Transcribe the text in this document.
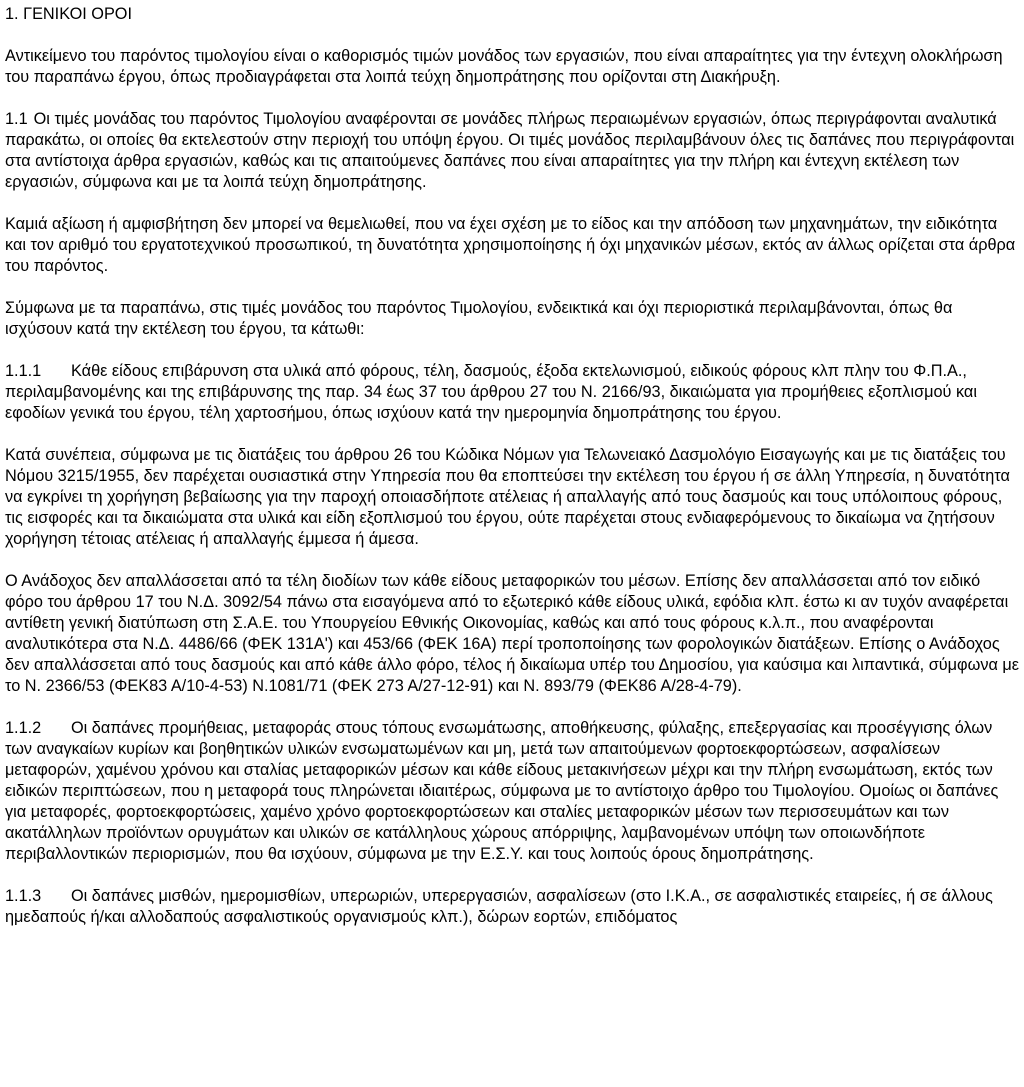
1. ΓΕΝΙΚΟΙ ΟΡΟΙ

Αντικείμενο του παρόντος τιμολογίου είναι ο καθορισμός τιμών μονάδος των εργασιών, που είναι απαραίτητες για την έντεχνη ολοκλήρωση του παραπάνω έργου, όπως προδιαγράφεται στα λοιπά τεύχη δημοπράτησης που ορίζονται στη Διακήρυξη.

1.1 Οι τιμές μονάδας του παρόντος Τιμολογίου αναφέρονται σε μονάδες πλήρως περαιωμένων εργασιών, όπως περιγράφονται αναλυτικά παρακάτω, οι οποίες θα εκτελεστούν στην περιοχή του υπόψη έργου. Οι τιμές μονάδος περιλαμβάνουν όλες τις δαπάνες που περιγράφονται στα αντίστοιχα άρθρα εργασιών, καθώς και τις απαιτούμενες δαπάνες που είναι απαραίτητες για την πλήρη και έντεχνη εκτέλεση των εργασιών, σύμφωνα και με τα λοιπά τεύχη δημοπράτησης.

Καμιά αξίωση ή αμφισβήτηση δεν μπορεί να θεμελιωθεί, που να έχει σχέση με το είδος και την απόδοση των μηχανημάτων, την ειδικότητα και τον αριθμό του εργατοτεχνικού προσωπικού, τη δυνατότητα χρησιμοποίησης ή όχι μηχανικών μέσων, εκτός αν άλλως ορίζεται στα άρθρα του παρόντος.

Σύμφωνα με τα παραπάνω, στις τιμές μονάδος του παρόντος Τιμολογίου, ενδεικτικά και όχι περιοριστικά περιλαμβάνονται, όπως θα ισχύσουν κατά την εκτέλεση του έργου, τα κάτωθι:

1.1.1 Κάθε είδους επιβάρυνση στα υλικά από φόρους, τέλη, δασμούς, έξοδα εκτελωνισμού, ειδικούς φόρους κλπ πλην του Φ.Π.Α., περιλαμβανομένης και της επιβάρυνσης της παρ. 34 έως 37 του άρθρου 27 του Ν. 2166/93, δικαιώματα για προμήθειες εξοπλισμού και εφοδίων γενικά του έργου, τέλη χαρτοσήμου, όπως ισχύουν κατά την ημερομηνία δημοπράτησης του έργου.

Κατά συνέπεια, σύμφωνα με τις διατάξεις του άρθρου 26 του Κώδικα Νόμων για Τελωνειακό Δασμολόγιο Εισαγωγής και με τις διατάξεις του Νόμου 3215/1955, δεν παρέχεται ουσιαστικά στην Υπηρεσία που θα εποπτεύσει την εκτέλεση του έργου ή σε άλλη Υπηρεσία, η δυνατότητα να εγκρίνει τη χορήγηση βεβαίωσης για την παροχή οποιασδήποτε ατέλειας ή απαλλαγής από τους δασμούς και τους υπόλοιπους φόρους, τις εισφορές και τα δικαιώματα στα υλικά και είδη εξοπλισμού του έργου, ούτε παρέχεται στους ενδιαφερόμενους το δικαίωμα να ζητήσουν χορήγηση τέτοιας ατέλειας ή απαλλαγής έμμεσα ή άμεσα.

Ο Ανάδοχος δεν απαλλάσσεται από τα τέλη διοδίων των κάθε είδους μεταφορικών του μέσων. Επίσης δεν απαλλάσσεται από τον ειδικό φόρο του άρθρου 17 του Ν.Δ. 3092/54 πάνω στα εισαγόμενα από το εξωτερικό κάθε είδους υλικά, εφόδια κλπ. έστω κι αν τυχόν αναφέρεται αντίθετη γενική διατύπωση στη Σ.Α.Ε. του Υπουργείου Εθνικής Οικονομίας, καθώς και από τους φόρους κ.λ.π., που αναφέρονται αναλυτικότερα στα Ν.Δ. 4486/66 (ΦΕΚ 131Α') και 453/66 (ΦΕΚ 16Α) περί τροποποίησης των φορολογικών διατάξεων. Επίσης ο Ανάδοχος δεν απαλλάσσεται από τους δασμούς και από κάθε άλλο φόρο, τέλος ή δικαίωμα υπέρ του Δημοσίου, για καύσιμα και λιπαντικά, σύμφωνα με το Ν. 2366/53 (ΦΕΚ83 Α/10-4-53) Ν.1081/71 (ΦΕΚ 273 Α/27-12-91) και Ν. 893/79 (ΦΕΚ86 Α/28-4-79).

1.1.2 Οι δαπάνες προμήθειας, μεταφοράς στους τόπους ενσωμάτωσης, αποθήκευσης, φύλαξης, επεξεργασίας και προσέγγισης όλων των αναγκαίων κυρίων και βοηθητικών υλικών ενσωματωμένων και μη, μετά των απαιτούμενων φορτοεκφορτώσεων, ασφαλίσεων μεταφορών, χαμένου χρόνου και σταλίας μεταφορικών μέσων και κάθε είδους μετακινήσεων μέχρι και την πλήρη ενσωμάτωση, εκτός των ειδικών περιπτώσεων, που η μεταφορά τους πληρώνεται ιδιαιτέρως, σύμφωνα με το αντίστοιχο άρθρο του Τιμολογίου. Ομοίως οι δαπάνες για μεταφορές, φορτοεκφορτώσεις, χαμένο χρόνο φορτοεκφορτώσεων και σταλίες μεταφορικών μέσων των περισσευμάτων και των ακατάλληλων προϊόντων ορυγμάτων και υλικών σε κατάλληλους χώρους απόρριψης, λαμβανομένων υπόψη των οποιωνδήποτε περιβαλλοντικών περιορισμών, που θα ισχύουν, σύμφωνα με την Ε.Σ.Υ. και τους λοιπούς όρους δημοπράτησης.

1.1.3 Οι δαπάνες μισθών, ημερομισθίων, υπερωριών, υπερεργασιών, ασφαλίσεων (στο Ι.Κ.Α., σε ασφαλιστικές εταιρείες, ή σε άλλους ημεδαπούς ή/και αλλοδαπούς ασφαλιστικούς οργανισμούς κλπ.), δώρων εορτών, επιδόματος
